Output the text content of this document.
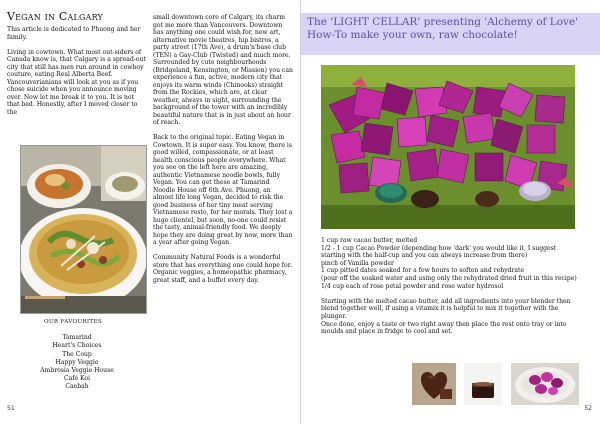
Vegan in Calgary

This article is dedicated to Phuong and her family.

Living in cowtown. What most out-siders of Canada know is, that Calgary is a spread-out city that still has men run around in cowboy couture, eating Real Alberta Beef. Vancouverianians will look at you as if you chose suicide when you announce moving over. Now let me break it to you. It is not that bad. Honestly, after I moved closer to the

small downtown core of Calgary, its charm got me more than Vancouvers. Downtown has anything one could wish for, new art, alternative movie theatres, hip bistros, a party street (17th Ave), a drum'n'base club (TEN) a Gay-Club (Twisted) and much more. Surrounded by cute neighbourhoods (Bridgeland, Kensington, or Mission) you can experience a fun, active, modern city that enjoys its warm winds (Chinooks) straight from the Rockies, which are, at clear weather, always in sight, surrounding the background of the tower with an incredibly beautiful nature that is in just about an hour of reach.

Back to the original topic. Eating Vegan in Cowtown. It is super easy. You know, there is good willed, compassionate, or at least health conscious people everywhere. What you see on the left here are amazing, authentic Vietnamese noodle bowls, fully Vegan. You can get these at Tamarind Noodle House off 6th Ave. Phuong, an almost life long Vegan, decided to risk the good business of her tiny meat serving Vietnamese resto, for her morals. They lost a huge clientel, but soon, no-one could resist the tasty, animal-friendly food. We deeply hope they are doing great by now, more than a year after going Vegan.

Community Natural Foods is a wonderful store that has everything one could hope for. Organic veggies, a homeopathic pharmacy, great staff, and a buffet every day.

OUR FAVOURITES
Tamarind
Heart's Choices
The Coup
Happy Veggie
Ambrosia Veggie House
Café Koi
Caebah
51
The 'LIGHT CELLAR' presenting 'Alchemy of Love'
How-To make your own, raw chocolate!
1 cup raw cacao butter, melted
1/2 - 1 cup Cacao Powder (depending how 'dark' you would like it, I suggest starting with the half-cup and you can always increase from there)
pinch of Vanilla powder
1 cup pitted dates soaked for a few hours to soften and rehydrate
(pour off the soaked water and using only the rehydrated dried fruit in this recipe)
1/4 cup each of rose petal powder and rose water hydrosol
Starting with the melted cacao butter, add all ingredients into your blender then blend together well, if using a vitamix it is helpful to mix it together with the plunger.
Once done, enjoy a taste or two right away then place the rest onto tray or into moulds and place in fridge to cool and set.
52
